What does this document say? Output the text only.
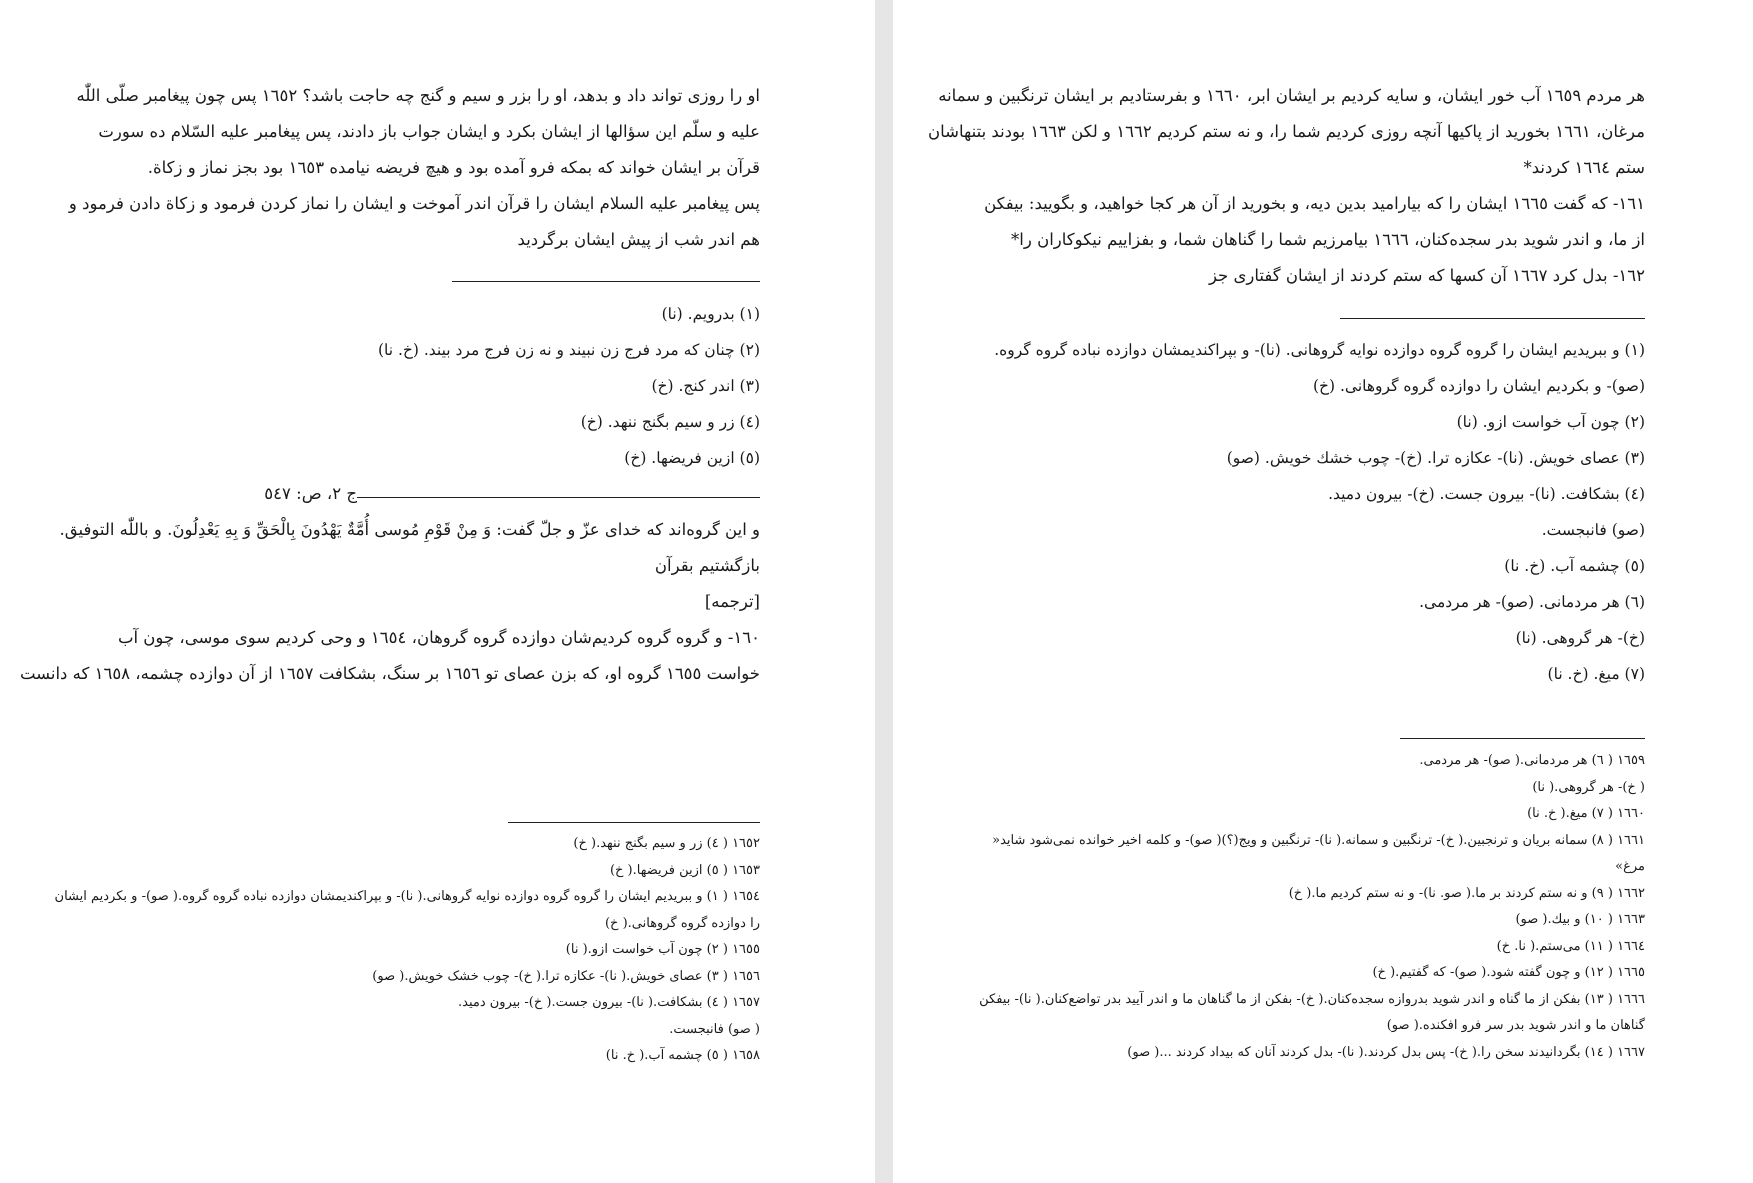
او را روزی تواند داد و بدهد، او را بزر و سیم و گنج چه حاجت باشد؟ ١٦٥٢ پس چون پیغامبر صلّی اللّٰه
علیه و سلّم این سؤالها از ایشان بکرد و ایشان جواب باز دادند، پس پیغامبر علیه السّلام ده سورت
قرآن بر ایشان خواند که بمکه فرو آمده بود و هیچ فریضه نیامده ١٦٥٣ بود بجز نماز و زکاة.
پس پیغامبر علیه السلام ایشان را قرآن اندر آموخت و ایشان را نماز کردن فرمود و زکاة دادن فرمود و
هم اندر شب از پیش ایشان برگردید
(١) بدرویم. (نا)
(٢) چنان که مرد فرج زن نبیند و نه زن فرج مرد بیند. (خ. نا)
(٣) اندر کنج. (خ)
(٤) زر و سیم بگنج ننهد. (خ)
(٥) ازین فریضها. (خ)
ج ٢، ص: ٥٤٧
و این گروه‌اند که خدای عزّ و جلّ گفت: وَ مِنْ قَوْمِ مُوسى أُمَّةٌ يَهْدُونَ بِالْحَقِّ وَ بِهِ يَعْدِلُونَ. و باللّٰه التوفيق.
بازگشتیم بقرآن
[ترجمه]
١٦٠- و گروه گروه کردیم‌شان دوازده گروه گروهان، ١٦٥٤ و وحی کردیم سوی موسی، چون آب
خواست ١٦٥٥ گروه او، که بزن عصای تو ١٦٥٦ بر سنگ، بشکافت ١٦٥٧ از آن دوازده چشمه، ١٦٥٨ که دانست
١٦٥٢ ( ٤) زر و سیم بگنج ننهد.( خ)
١٦٥٣ ( ٥) ازین فریضها.( خ)
١٦٥٤ ( ١) و ببریدیم ایشان را گروه گروه دوازده نوایه گروهانی.( نا)- و بپراکندیمشان دوازده نباده گروه گروه.( صو)- و بکردیم ایشان
را دوازده گروه گروهانی.( خ)
١٦٥٥ ( ٢) چون آب خواست ازو.( نا)
١٦٥٦ ( ٣) عصای خویش.( نا)- عکازه ترا.( خ)- چوب خشک خویش.( صو)
١٦٥٧ ( ٤) بشکافت.( نا)- بیرون جست.( خ)- بیرون دمید.
( صو) فانبجست.
١٦٥٨ ( ٥) چشمه آب.( خ. نا)
هر مردم ١٦٥٩ آب خور ایشان، و سایه کردیم بر ایشان ابر، ١٦٦٠ و بفرستادیم بر ایشان ترنگبین و سمانه
مرغان، ١٦٦١ بخورید از پاکیها آنچه روزی کردیم شما را، و نه ستم کردیم ١٦٦٢ و لکن ١٦٦٣ بودند بتنهاشان
ستم ١٦٦٤ کردند*
١٦١- که گفت ١٦٦٥ ایشان را که بیارامید بدین دیه، و بخورید از آن هر کجا خواهید، و بگویید: بیفکن
از ما، و اندر شوید بدر سجده‌کنان، ١٦٦٦ بیامرزیم شما را گناهان شما، و بفزاییم نیکوکاران را*
١٦٢- بدل کرد ١٦٦٧ آن کسها که ستم کردند از ایشان گفتاری جز
(١) و ببریدیم ایشان را گروه گروه دوازده نوایه گروهانی. (نا)- و بپراکندیمشان دوازده نباده گروه گروه.
(صو)- و بکردیم ایشان را دوازده گروه گروهانی. (خ)
(٢) چون آب خواست ازو. (نا)
(٣) عصای خویش. (نا)- عکازه ترا. (خ)- چوب خشك خویش. (صو)
(٤) بشکافت. (نا)- بیرون جست. (خ)- بیرون دمید.
(صو) فانبجست.
(٥) چشمه آب. (خ. نا)
(٦) هر مردمانی. (صو)- هر مردمی.
(خ)- هر گروهی. (نا)
(٧) میغ. (خ. نا)
١٦٥٩ ( ٦) هر مردمانی.( صو)- هر مردمی.
( خ)- هر گروهی.( نا)
١٦٦٠ ( ٧) میغ.( خ. نا)
١٦٦١ ( ٨) سمانه بریان و ترنجبین.( خ)- ترنگبین و سمانه.( نا)- ترنگبین و ویج(؟)( صو)- و کلمه اخیر خوانده نمی‌شود شاید«
مرغ»
١٦٦٢ ( ٩) و نه ستم کردند بر ما.( صو. نا)- و نه ستم کردیم ما.( خ)
١٦٦٣ ( ١٠) و بیك.( صو)
١٦٦٤ ( ١١) می‌ستم.( نا. خ)
١٦٦٥ ( ١٢) و چون گفته شود.( صو)- که گفتیم.( خ)
١٦٦٦ ( ١٣) بفکن از ما گناه و اندر شوید بدروازه سجده‌کنان.( خ)- بفکن از ما گناهان ما و اندر آیید بدر تواضع‌کنان.( نا)- بیفکن
گناهان ما و اندر شوید بدر سر فرو افکنده.( صو)
١٦٦٧ ( ١٤) بگردانیدند سخن را.( خ)- پس بدل کردند.( نا)- بدل کردند آنان که بیداد کردند ...( صو)
